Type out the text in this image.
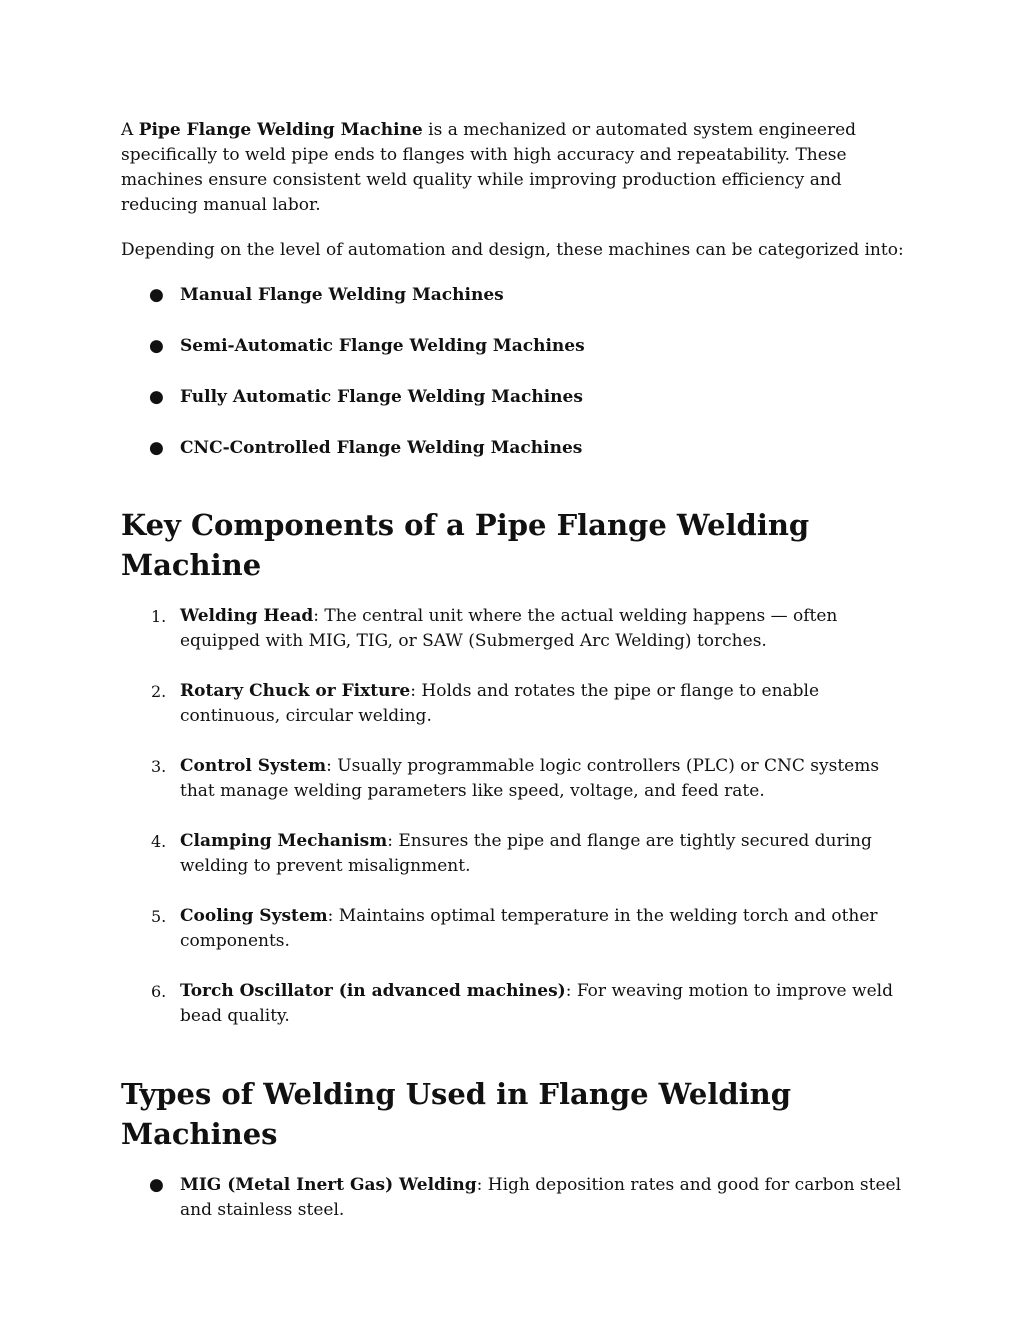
A Pipe Flange Welding Machine is a mechanized or automated system engineered specifically to weld pipe ends to flanges with high accuracy and repeatability. These machines ensure consistent weld quality while improving production efficiency and reducing manual labor.

Depending on the level of automation and design, these machines can be categorized into:

● Manual Flange Welding Machines
● Semi-Automatic Flange Welding Machines
● Fully Automatic Flange Welding Machines
● CNC-Controlled Flange Welding Machines
Key Components of a Pipe Flange Welding Machine
1. Welding Head: The central unit where the actual welding happens — often equipped with MIG, TIG, or SAW (Submerged Arc Welding) torches.
2. Rotary Chuck or Fixture: Holds and rotates the pipe or flange to enable continuous, circular welding.
3. Control System: Usually programmable logic controllers (PLC) or CNC systems that manage welding parameters like speed, voltage, and feed rate.
4. Clamping Mechanism: Ensures the pipe and flange are tightly secured during welding to prevent misalignment.
5. Cooling System: Maintains optimal temperature in the welding torch and other components.
6. Torch Oscillator (in advanced machines): For weaving motion to improve weld bead quality.
Types of Welding Used in Flange Welding Machines
● MIG (Metal Inert Gas) Welding: High deposition rates and good for carbon steel and stainless steel.
